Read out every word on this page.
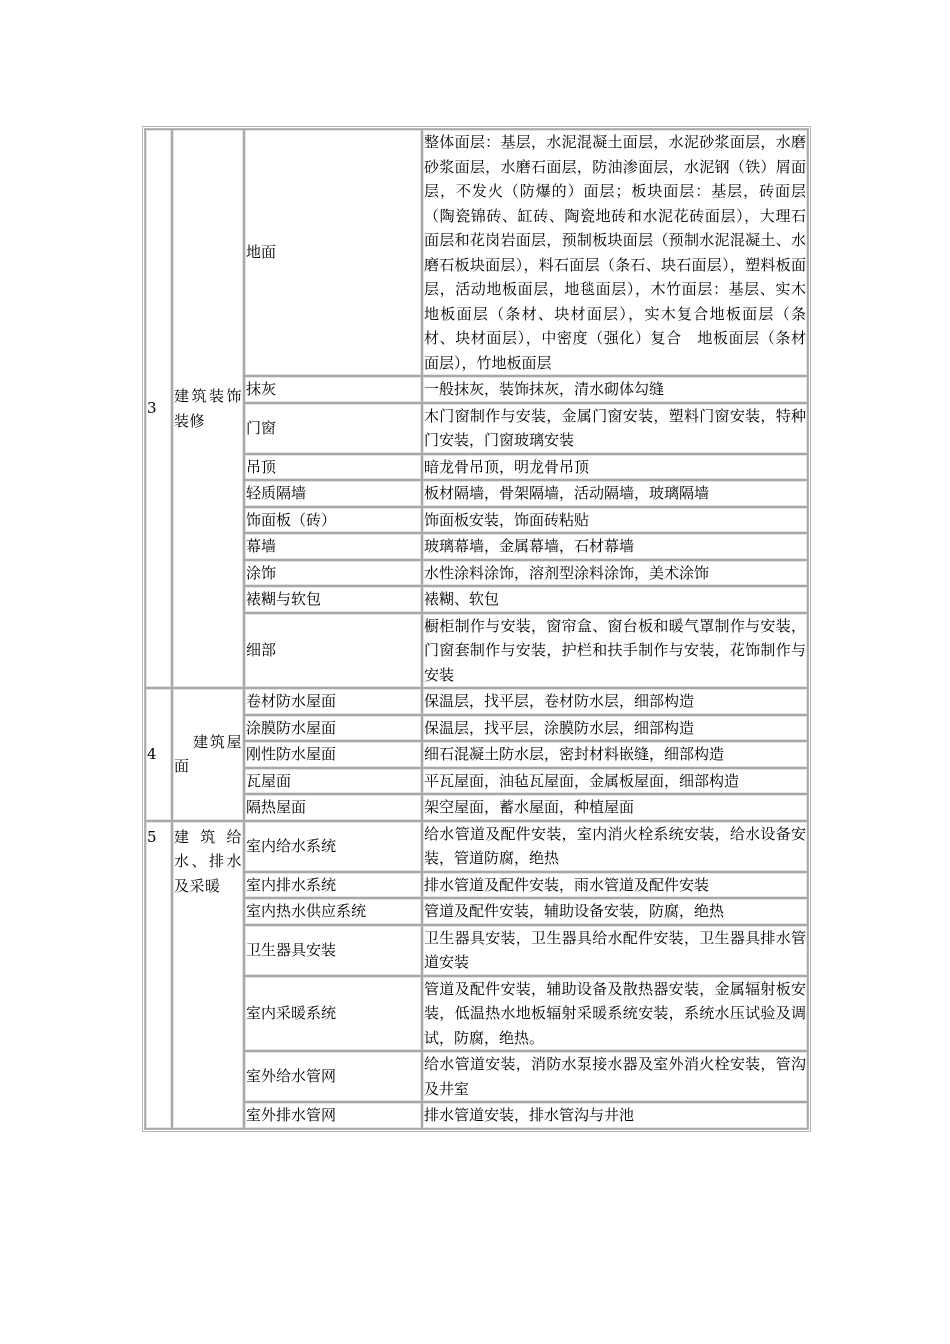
3	建筑装饰装修	地面	整体面层：基层，水泥混凝土面层，水泥砂浆面层，水磨砂浆面层，水磨石面层，防油渗面层，水泥钢（铁）屑面层，不发火（防爆的）面层；板块面层：基层，砖面层（陶瓷锦砖、缸砖、陶瓷地砖和水泥花砖面层），大理石面层和花岗岩面层，预制板块面层（预制水泥混凝土、水磨石板块面层），料石面层（条石、块石面层），塑料板面层，活动地板面层，地毯面层），木竹面层：基层、实木地板面层（条材、块材面层），实木复合地板面层（条材、块材面层），中密度（强化）复合　地板面层（条材面层），竹地板面层
		抹灰	一般抹灰，装饰抹灰，清水砌体勾缝
		门窗	木门窗制作与安装，金属门窗安装，塑料门窗安装，特种门安装，门窗玻璃安装
		吊顶	暗龙骨吊顶，明龙骨吊顶
		轻质隔墙	板材隔墙，骨架隔墙，活动隔墙，玻璃隔墙
		饰面板（砖）	饰面板安装，饰面砖粘贴
		幕墙	玻璃幕墙，金属幕墙，石材幕墙
		涂饰	水性涂料涂饰，溶剂型涂料涂饰，美术涂饰
		裱糊与软包	裱糊、软包
		细部	橱柜制作与安装，窗帘盒、窗台板和暖气罩制作与安装，门窗套制作与安装，护栏和扶手制作与安装，花饰制作与安装
4	建筑屋面	卷材防水屋面	保温层，找平层，卷材防水层，细部构造
		涂膜防水屋面	保温层，找平层，涂膜防水层，细部构造
		刚性防水屋面	细石混凝土防水层，密封材料嵌缝，细部构造
		瓦屋面	平瓦屋面，油毡瓦屋面，金属板屋面，细部构造
		隔热屋面	架空屋面，蓄水屋面，种植屋面
5	建筑给水、排水及采暖	室内给水系统	给水管道及配件安装，室内消火栓系统安装，给水设备安装，管道防腐，绝热
		室内排水系统	排水管道及配件安装，雨水管道及配件安装
		室内热水供应系统	管道及配件安装，辅助设备安装，防腐，绝热
		卫生器具安装	卫生器具安装，卫生器具给水配件安装，卫生器具排水管道安装
		室内采暖系统	管道及配件安装，辅助设备及散热器安装，金属辐射板安装，低温热水地板辐射采暖系统安装，系统水压试验及调试，防腐，绝热。
		室外给水管网	给水管道安装，消防水泵接水器及室外消火栓安装，管沟及井室
		室外排水管网	排水管道安装，排水管沟与井池
